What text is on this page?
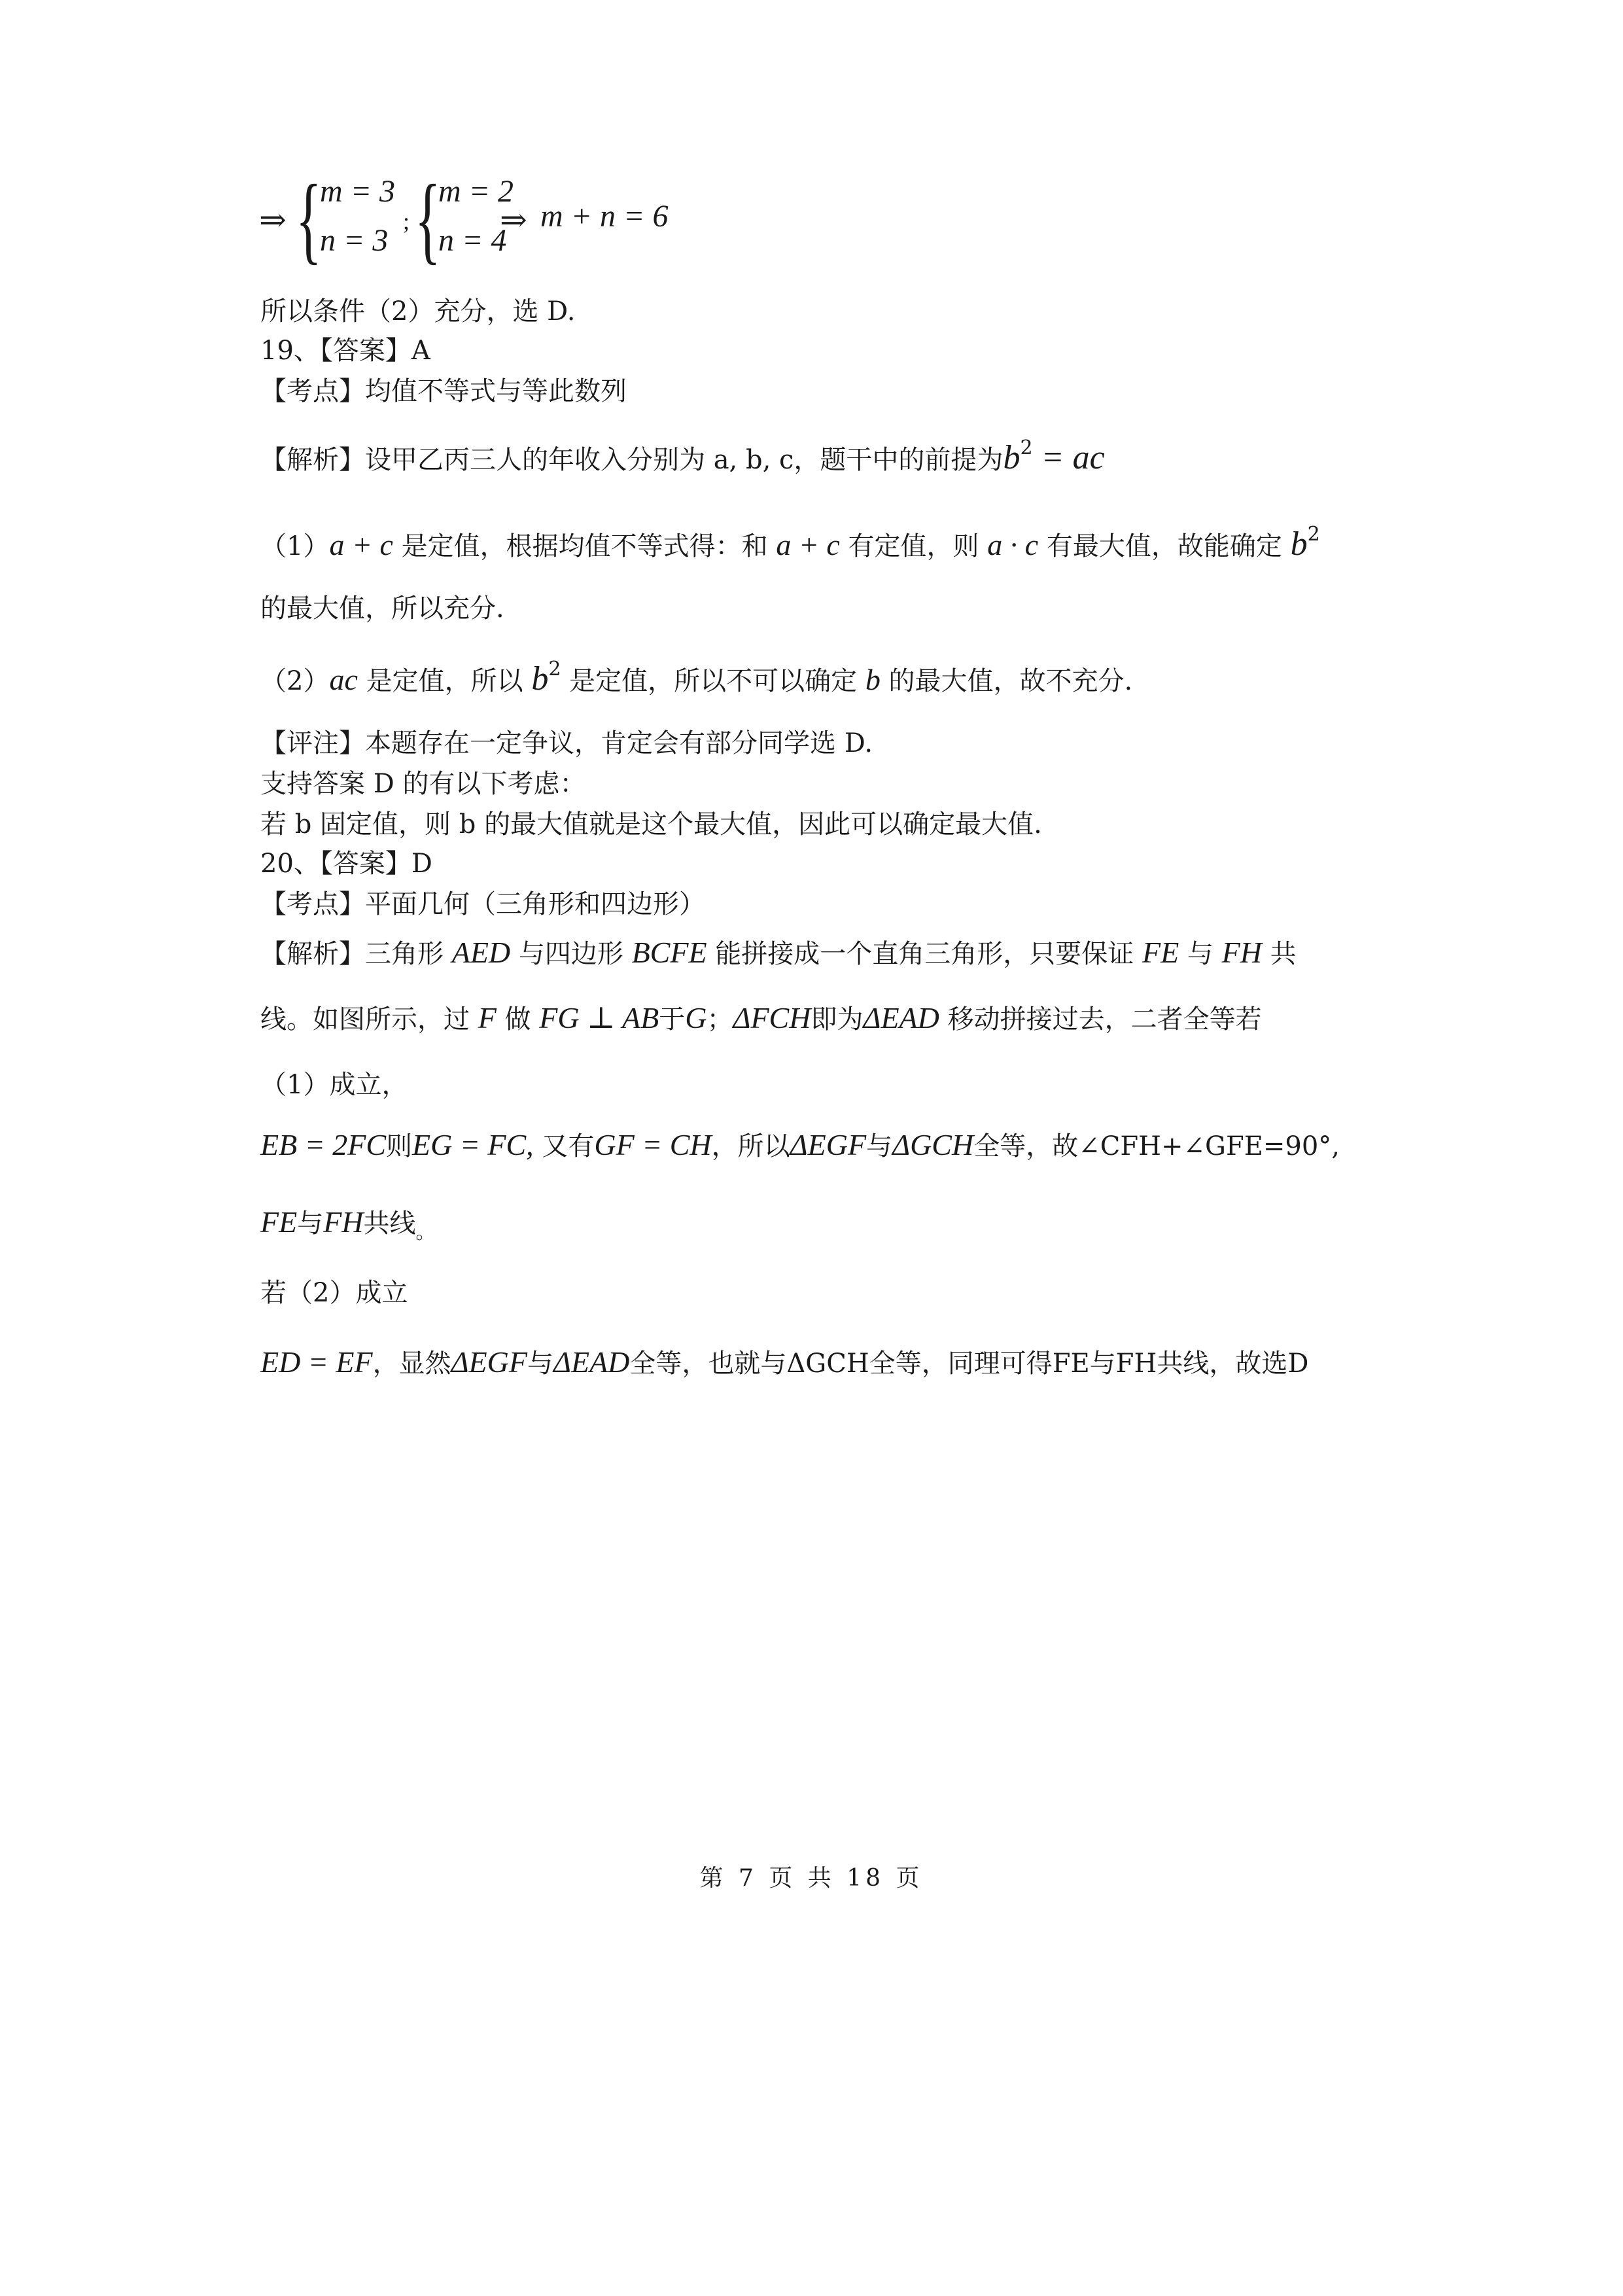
⇒ {
m = 3
n = 3
; {
m = 2
n = 4
⇒ m + n = 6
所以条件（2）充分，选 D.
19、【答案】A
【考点】均值不等式与等此数列
【解析】设甲乙丙三人的年收入分别为 a, b, c，题干中的前提为$b^2$ = ac
（1）a + c 是定值，根据均值不等式得：和 a + c 有定值，则 a · c 有最大值，故能确定 $b^2$
的最大值，所以充分.
（2）ac 是定值，所以 $b^2$ 是定值，所以不可以确定 b 的最大值，故不充分.
【评注】本题存在一定争议，肯定会有部分同学选 D.
支持答案 D 的有以下考虑：
若 b 固定值，则 b 的最大值就是这个最大值，因此可以确定最大值.
20、【答案】D
【考点】平面几何（三角形和四边形）
【解析】三角形 AED 与四边形 BCFE 能拼接成一个直角三角形，只要保证 FE 与 FH 共
线。如图所示，过 F 做 FG ⊥ AB于G；ΔFCH即为ΔEAD 移动拼接过去，二者全等若
（1）成立，
EB = 2FC则EG = FC, 又有GF = CH，所以ΔEGF与ΔGCH全等，故∠CFH+∠GFE=90°,
FE与FH共线$_。$
若（2）成立
ED = EF，显然ΔEGF与ΔEAD全等，也就与ΔGCH全等，同理可得FE与FH共线，故选D
第 7 页 共 18 页
